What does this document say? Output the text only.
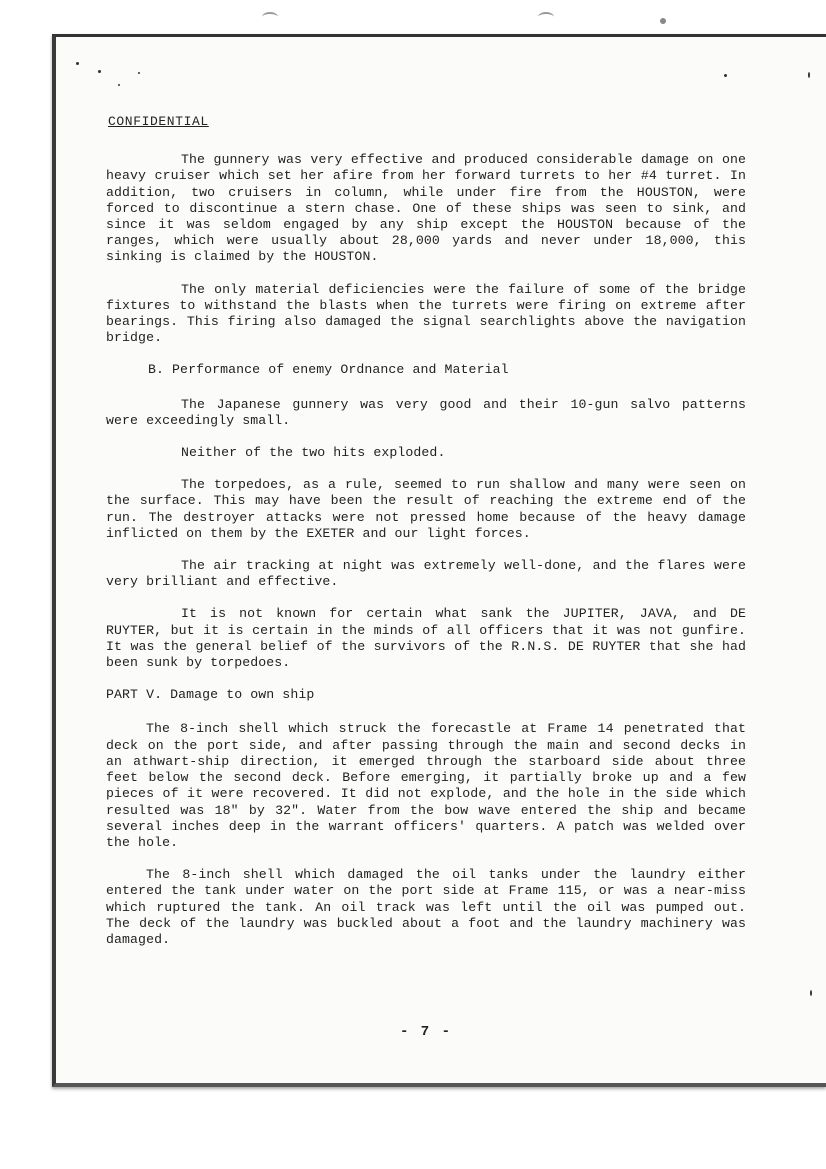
CONFIDENTIAL

The gunnery was very effective and produced considerable damage on one heavy cruiser which set her afire from her forward turrets to her #4 turret. In addition, two cruisers in column, while under fire from the HOUSTON, were forced to discontinue a stern chase. One of these ships was seen to sink, and since it was seldom engaged by any ship except the HOUSTON because of the ranges, which were usually about 28,000 yards and never under 18,000, this sinking is claimed by the HOUSTON.

The only material deficiencies were the failure of some of the bridge fixtures to withstand the blasts when the turrets were firing on extreme after bearings. This firing also damaged the signal searchlights above the navigation bridge.

B. Performance of enemy Ordnance and Material

The Japanese gunnery was very good and their 10-gun salvo patterns were exceedingly small.

Neither of the two hits exploded.

The torpedoes, as a rule, seemed to run shallow and many were seen on the surface. This may have been the result of reaching the extreme end of the run. The destroyer attacks were not pressed home because of the heavy damage inflicted on them by the EXETER and our light forces.

The air tracking at night was extremely well-done, and the flares were very brilliant and effective.

It is not known for certain what sank the JUPITER, JAVA, and DE RUYTER, but it is certain in the minds of all officers that it was not gunfire. It was the general belief of the survivors of the R.N.S. DE RUYTER that she had been sunk by torpedoes.

PART V. Damage to own ship

The 8-inch shell which struck the forecastle at Frame 14 penetrated that deck on the port side, and after passing through the main and second decks in an athwart-ship direction, it emerged through the starboard side about three feet below the second deck. Before emerging, it partially broke up and a few pieces of it were recovered. It did not explode, and the hole in the side which resulted was 18" by 32". Water from the bow wave entered the ship and became several inches deep in the warrant officers' quarters. A patch was welded over the hole.

The 8-inch shell which damaged the oil tanks under the laundry either entered the tank under water on the port side at Frame 115, or was a near-miss which ruptured the tank. An oil track was left until the oil was pumped out. The deck of the laundry was buckled about a foot and the laundry machinery was damaged.

- 7 -
